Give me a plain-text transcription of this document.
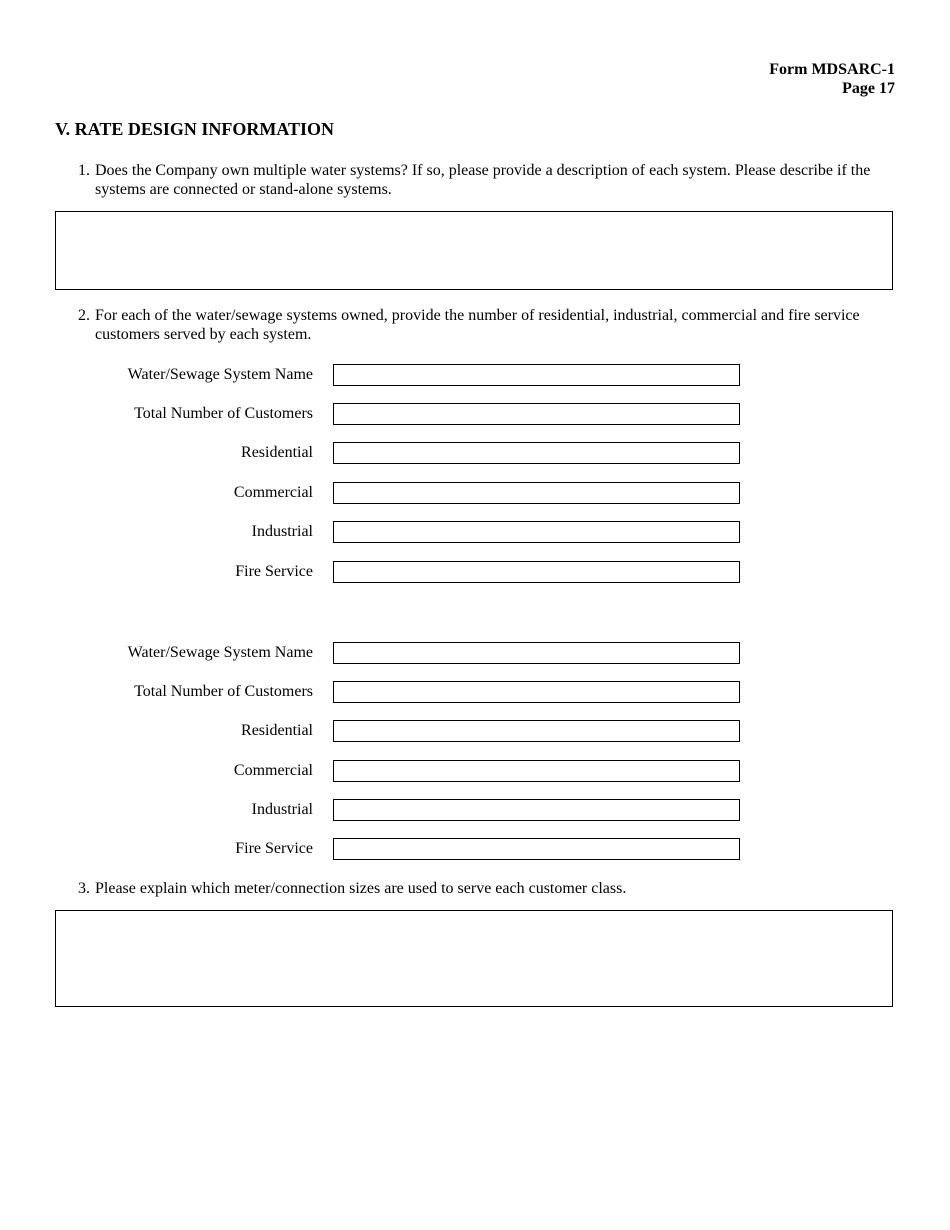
Form MDSARC-1
Page 17
V. RATE DESIGN INFORMATION
1. Does the Company own multiple water systems? If so, please provide a description of each system. Please describe if the systems are connected or stand-alone systems.
2. For each of the water/sewage systems owned, provide the number of residential, industrial, commercial and fire service customers served by each system.
Water/Sewage System Name
Total Number of Customers
Residential
Commercial
Industrial
Fire Service
Water/Sewage System Name
Total Number of Customers
Residential
Commercial
Industrial
Fire Service
3. Please explain which meter/connection sizes are used to serve each customer class.
